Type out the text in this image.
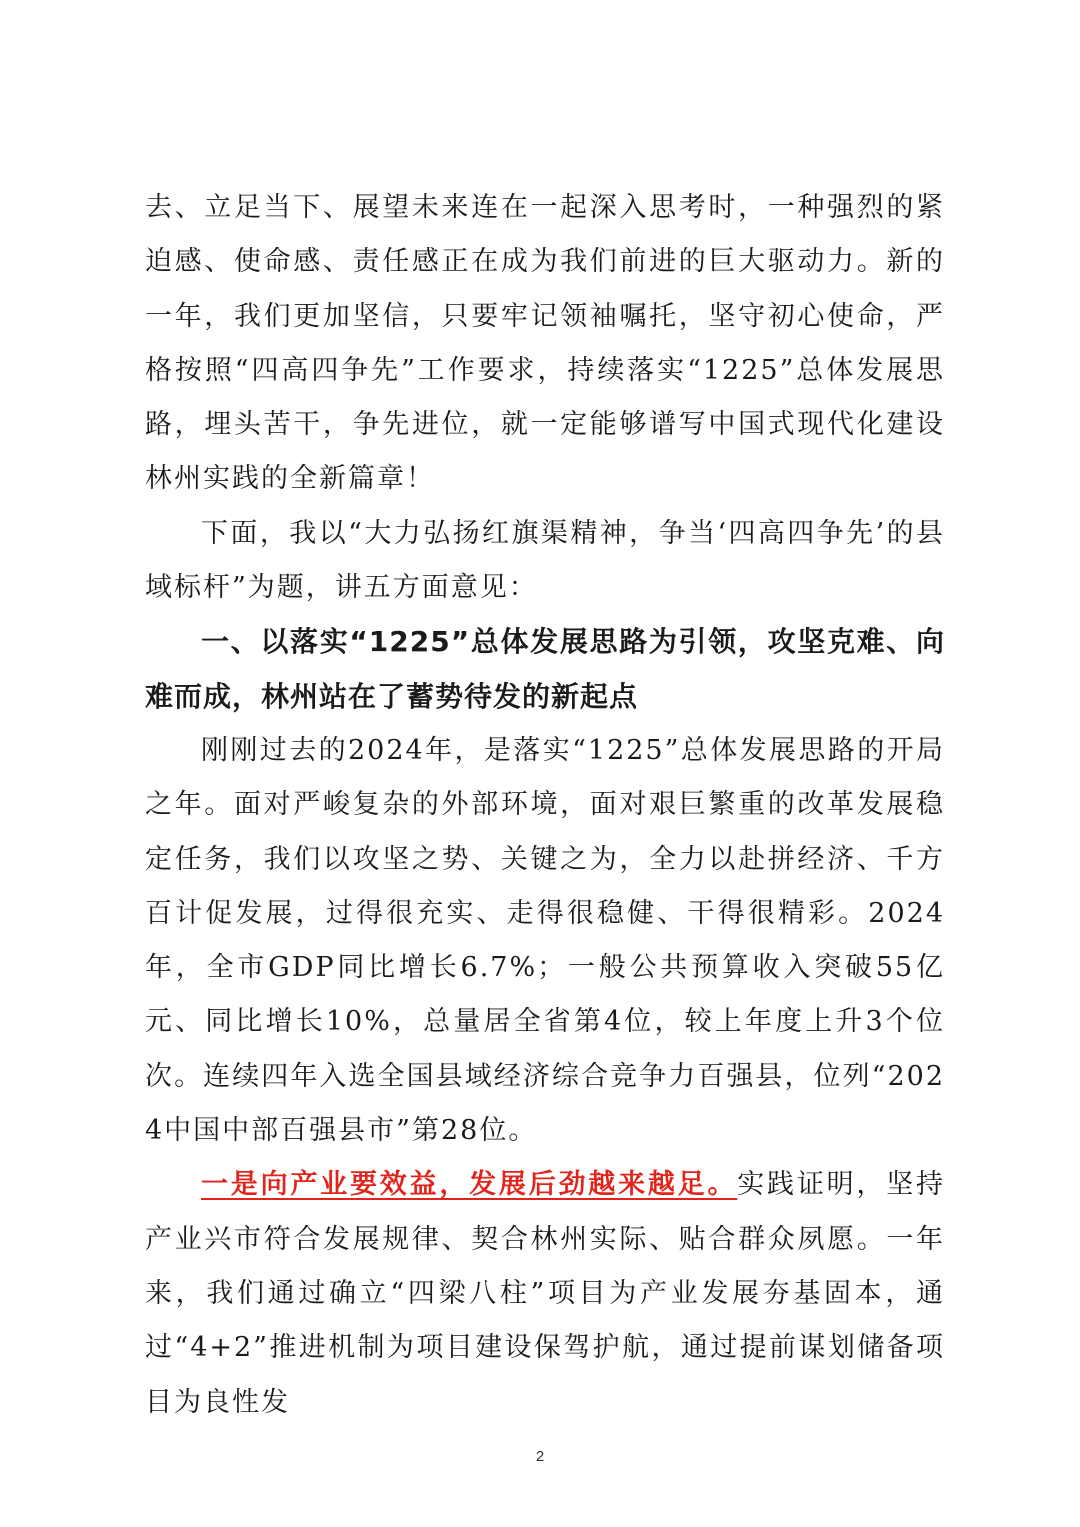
去、立足当下、展望未来连在一起深入思考时，一种强烈的紧迫感、使命感、责任感正在成为我们前进的巨大驱动力。新的一年，我们更加坚信，只要牢记领袖嘱托，坚守初心使命，严格按照“四高四争先”工作要求，持续落实“1225”总体发展思路，埋头苦干，争先进位，就一定能够谱写中国式现代化建设林州实践的全新篇章！

下面，我以“大力弘扬红旗渠精神，争当‘四高四争先’的县域标杆”为题，讲五方面意见：

一、以落实“1225”总体发展思路为引领，攻坚克难、向难而成，林州站在了蓄势待发的新起点

刚刚过去的2024年，是落实“1225”总体发展思路的开局之年。面对严峻复杂的外部环境，面对艰巨繁重的改革发展稳定任务，我们以攻坚之势、关键之为，全力以赴拼经济、千方百计促发展，过得很充实、走得很稳健、干得很精彩。2024年，全市GDP同比增长6.7%；一般公共预算收入突破55亿元、同比增长10%，总量居全省第4位，较上年度上升3个位次。连续四年入选全国县域经济综合竞争力百强县，位列“2024中国中部百强县市”第28位。

一是向产业要效益，发展后劲越来越足。实践证明，坚持产业兴市符合发展规律、契合林州实际、贴合群众夙愿。一年来，我们通过确立“四梁八柱”项目为产业发展夯基固本，通过“4+2”推进机制为项目建设保驾护航，通过提前谋划储备项目为良性发

2
